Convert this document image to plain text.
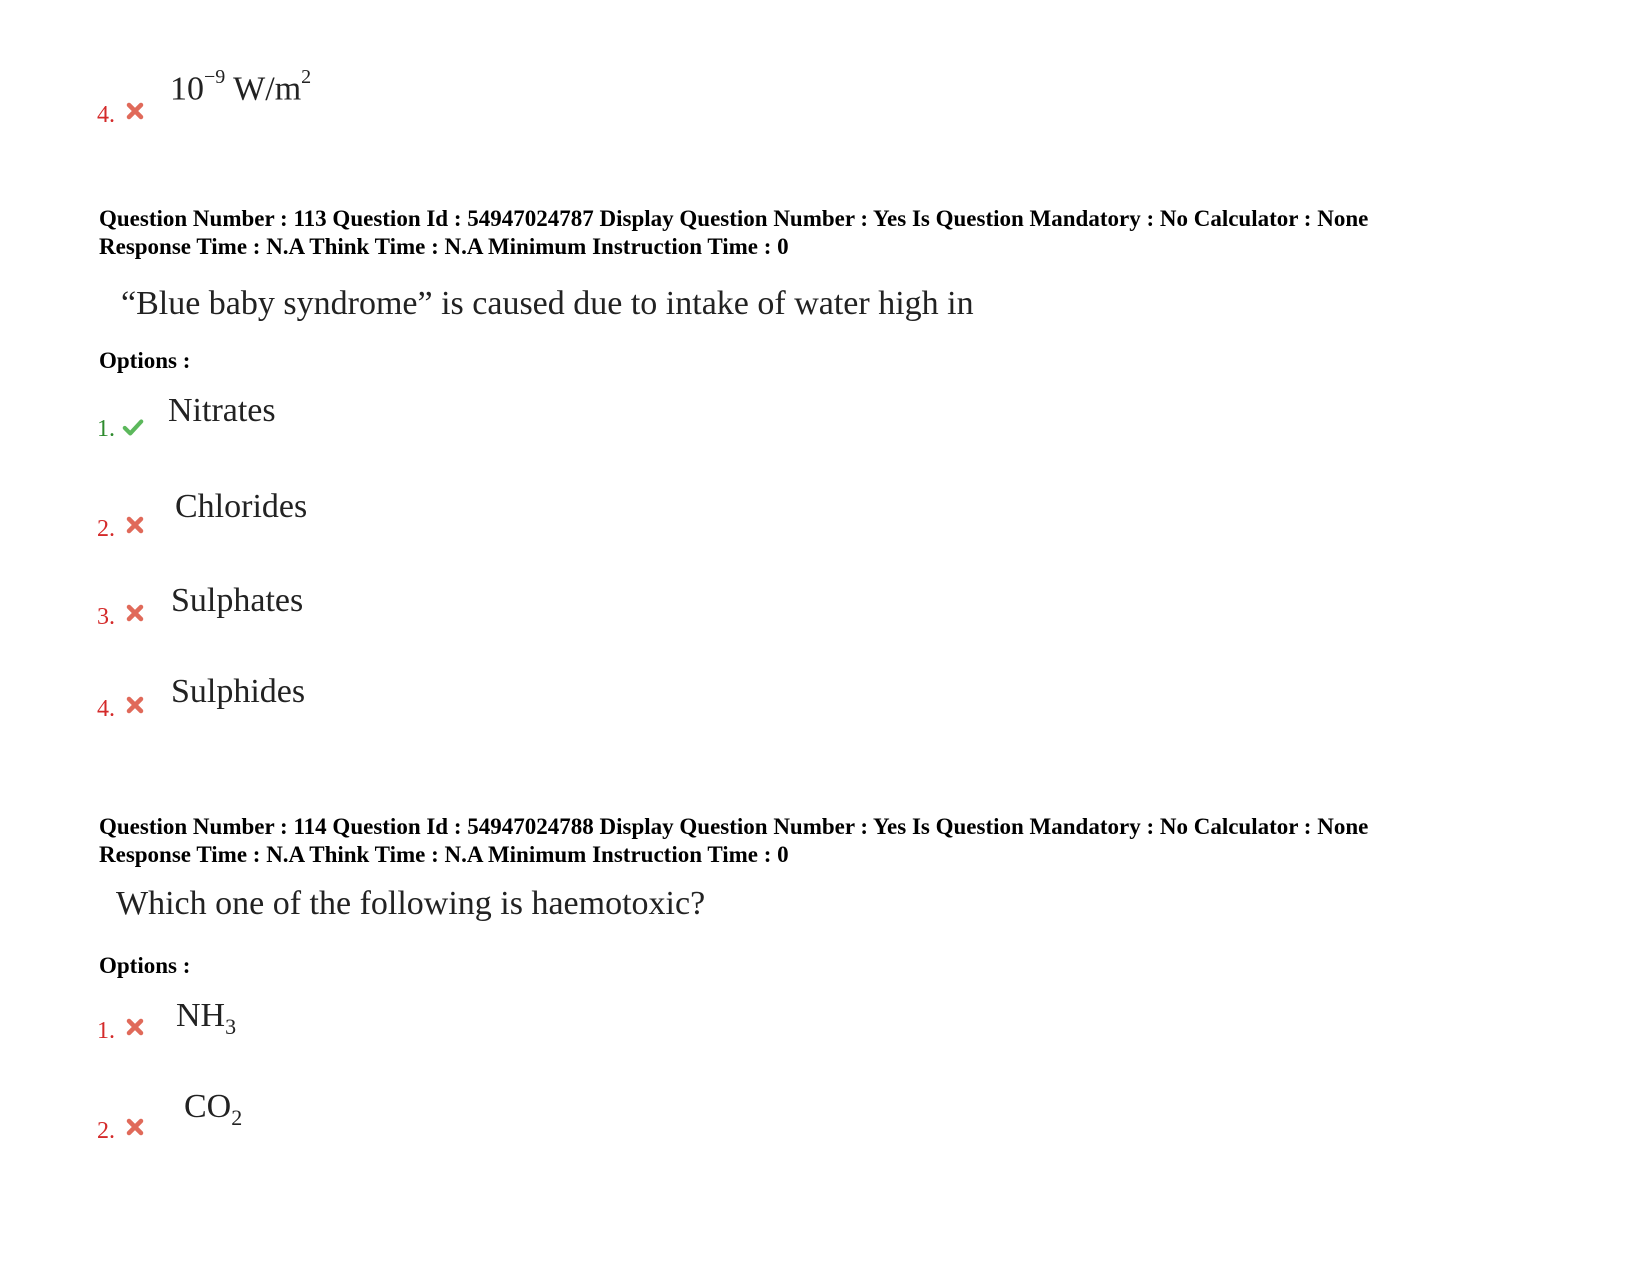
4.
$10^{-9}$ $W/m^2$
Question Number : 113 Question Id : 54947024787 Display Question Number : Yes Is Question Mandatory : No Calculator : None
Response Time : N.A Think Time : N.A Minimum Instruction Time : 0
“Blue baby syndrome” is caused due to intake of water high in
Options :
1. Nitrates
2.
Chlorides
3. Sulphates
4. Sulphides
Question Number : 114 Question Id : 54947024788 Display Question Number : Yes Is Question Mandatory : No Calculator : None
Response Time : N.A Think Time : N.A Minimum Instruction Time : 0
Which one of the following is haemotoxic?
Options :
1. $NH_3$
2.
$CO_2$
